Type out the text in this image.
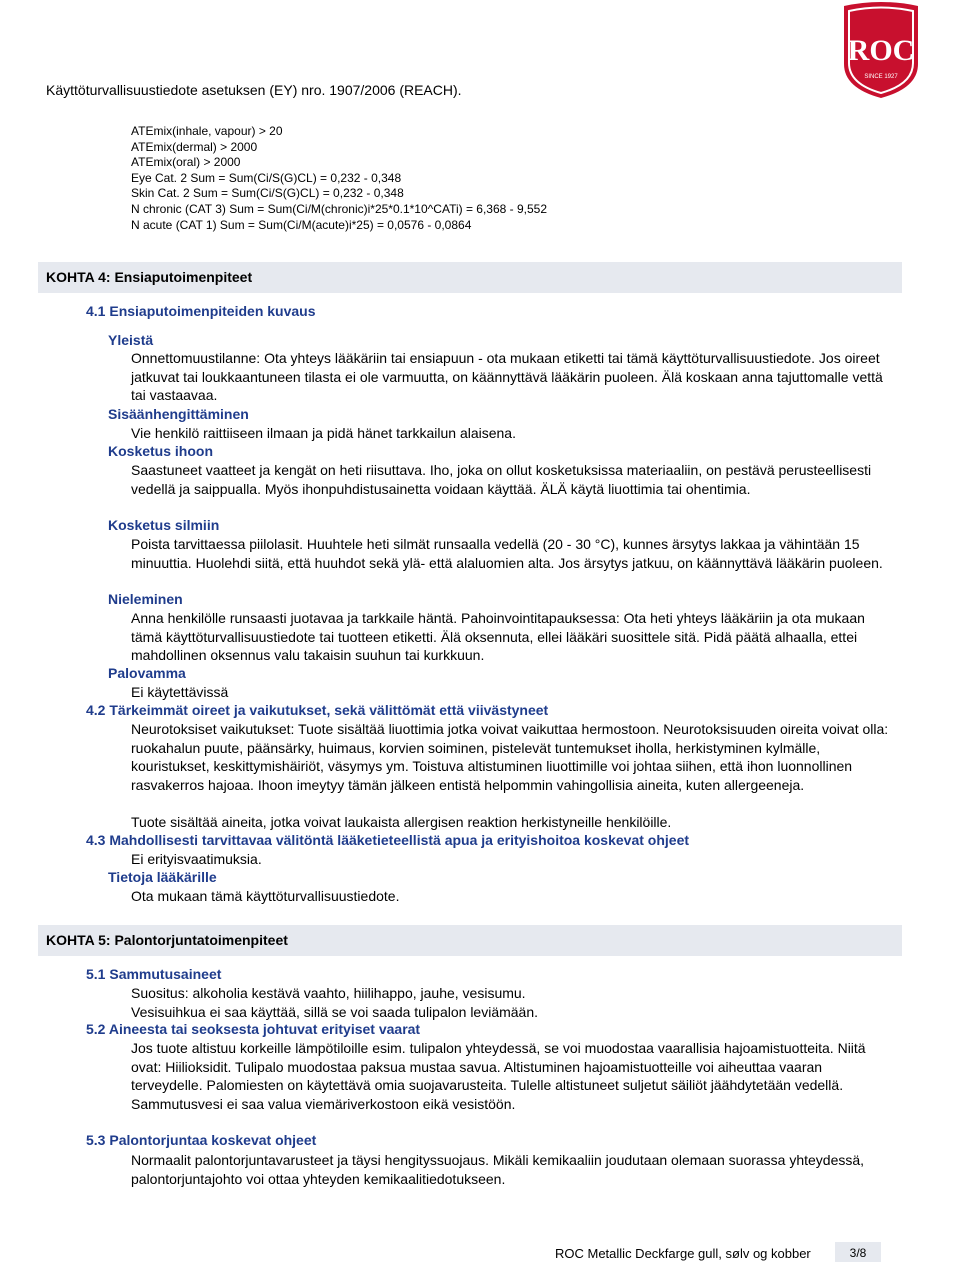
Käyttöturvallisuustiedote asetuksen (EY) nro. 1907/2006 (REACH).
ROC
SINCE 1927
ATEmix(inhale, vapour) > 20
ATEmix(dermal) > 2000
ATEmix(oral) > 2000
Eye Cat. 2 Sum = Sum(Ci/S(G)CL) = 0,232 - 0,348
Skin Cat. 2 Sum = Sum(Ci/S(G)CL) = 0,232 - 0,348
N chronic (CAT 3) Sum = Sum(Ci/M(chronic)i*25*0.1*10^CATi) = 6,368 - 9,552
N acute (CAT 1) Sum = Sum(Ci/M(acute)i*25) = 0,0576 - 0,0864
KOHTA 4: Ensiaputoimenpiteet
4.1 Ensiaputoimenpiteiden kuvaus
Yleistä
Onnettomuustilanne: Ota yhteys lääkäriin tai ensiapuun - ota mukaan etiketti tai tämä käyttöturvallisuustiedote. Jos oireet jatkuvat tai loukkaantuneen tilasta ei ole varmuutta, on käännyttävä lääkärin puoleen. Älä koskaan anna tajuttomalle vettä tai vastaavaa.
Sisäänhengittäminen
Vie henkilö raittiiseen ilmaan ja pidä hänet tarkkailun alaisena.
Kosketus ihoon
Saastuneet vaatteet ja kengät on heti riisuttava. Iho, joka on ollut kosketuksissa materiaaliin, on pestävä perusteellisesti vedellä ja saippualla. Myös ihonpuhdistusainetta voidaan käyttää. ÄLÄ käytä liuottimia tai ohentimia.
Kosketus silmiin
Poista tarvittaessa piilolasit. Huuhtele heti silmät runsaalla vedellä (20 - 30 °C), kunnes ärsytys lakkaa ja vähintään 15 minuuttia. Huolehdi siitä, että huuhdot sekä ylä- että alaluomien alta. Jos ärsytys jatkuu, on käännyttävä lääkärin puoleen.
Nieleminen
Anna henkilölle runsaasti juotavaa ja tarkkaile häntä. Pahoinvointitapauksessa: Ota heti yhteys lääkäriin ja ota mukaan tämä käyttöturvallisuustiedote tai tuotteen etiketti. Älä oksennuta, ellei lääkäri suosittele sitä. Pidä päätä alhaalla, ettei mahdollinen oksennus valu takaisin suuhun tai kurkkuun.
Palovamma
Ei käytettävissä
4.2 Tärkeimmät oireet ja vaikutukset, sekä välittömät että viivästyneet
Neurotoksiset vaikutukset: Tuote sisältää liuottimia jotka voivat vaikuttaa hermostoon. Neurotoksisuuden oireita voivat olla: ruokahalun puute, päänsärky, huimaus, korvien soiminen, pistelevät tuntemukset iholla, herkistyminen kylmälle, kouristukset, keskittymishäiriöt, väsymys ym. Toistuva altistuminen liuottimille voi johtaa siihen, että ihon luonnollinen rasvakerros hajoaa. Ihoon imeytyy tämän jälkeen entistä helpommin vahingollisia aineita, kuten allergeeneja.
Tuote sisältää aineita, jotka voivat laukaista allergisen reaktion herkistyneille henkilöille.
4.3 Mahdollisesti tarvittavaa välitöntä lääketieteellistä apua ja erityishoitoa koskevat ohjeet
Ei erityisvaatimuksia.
Tietoja lääkärille
Ota mukaan tämä käyttöturvallisuustiedote.
KOHTA 5: Palontorjuntatoimenpiteet
5.1 Sammutusaineet
Suositus: alkoholia kestävä vaahto, hiilihappo, jauhe, vesisumu.
Vesisuihkua ei saa käyttää, sillä se voi saada tulipalon leviämään.
5.2 Aineesta tai seoksesta johtuvat erityiset vaarat
Jos tuote altistuu korkeille lämpötiloille esim. tulipalon yhteydessä, se voi muodostaa vaarallisia hajoamistuotteita. Niitä ovat: Hiilioksidit. Tulipalo muodostaa paksua mustaa savua. Altistuminen hajoamistuotteille voi aiheuttaa vaaran terveydelle. Palomiesten on käytettävä omia suojavarusteita. Tulelle altistuneet suljetut säiliöt jäähdytetään vedellä. Sammutusvesi ei saa valua viemäriverkostoon eikä vesistöön.
5.3 Palontorjuntaa koskevat ohjeet
Normaalit palontorjuntavarusteet ja täysi hengityssuojaus. Mikäli kemikaaliin joudutaan olemaan suorassa yhteydessä, palontorjuntajohto voi ottaa yhteyden kemikaalitiedotukseen.
ROC Metallic Deckfarge gull, sølv og kobber	3/8
